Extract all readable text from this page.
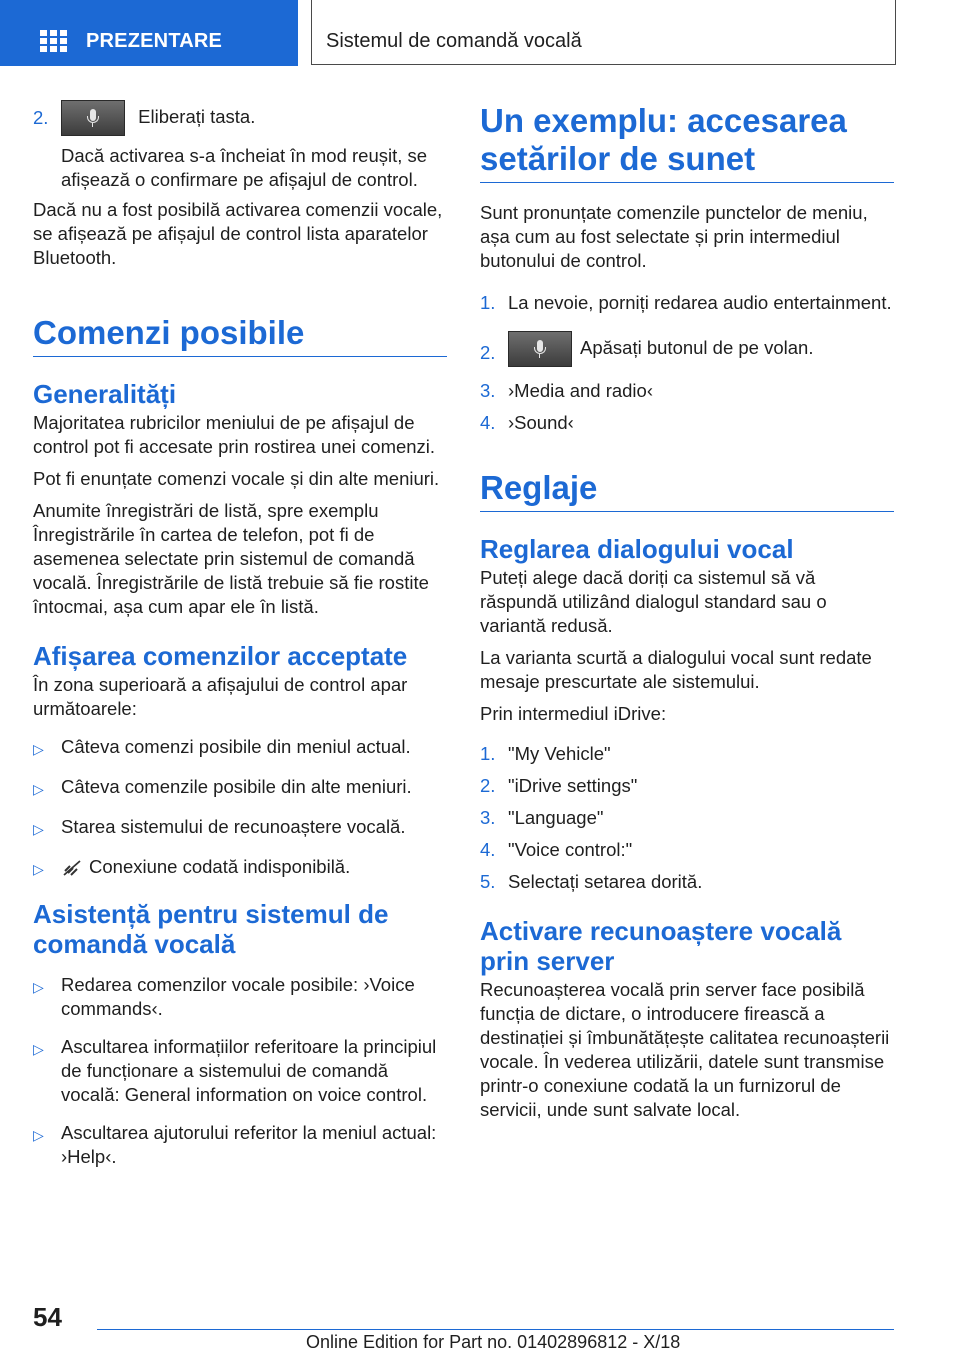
PREZENTARE	Sistemul de comandă vocală
2.	Eliberați tasta.
Dacă activarea s-a încheiat în mod reușit, se afișează o confirmare pe afișajul de control.

Dacă nu a fost posibilă activarea comenzii vocale, se afișează pe afișajul de control lista aparatelor Bluetooth.

Comenzi posibile
Generalități

Majoritatea rubricilor meniului de pe afișajul de control pot fi accesate prin rostirea unei comenzi.

Pot fi enunțate comenzi vocale și din alte meniuri.

Anumite înregistrări de listă, spre exemplu Înregistrările în cartea de telefon, pot fi de asemenea selectate prin sistemul de comandă vocală. Înregistrările de listă trebuie să fie rostite întocmai, așa cum apar ele în listă.

Afișarea comenzilor acceptate

În zona superioară a afișajului de control apar următoarele:

▷ Câteva comenzi posibile din meniul actual.
▷ Câteva comenzile posibile din alte meniuri.
▷ Starea sistemului de recunoaștere vocală.
▷	Conexiune codată indisponibilă.
Asistență pentru sistemul de comandă vocală
▷ Redarea comenzilor vocale posibile: ›Voice commands‹.
▷ Ascultarea informațiilor referitoare la principiul de funcționare a sistemului de comandă vocală: General information on voice control.
▷ Ascultarea ajutorului referitor la meniul actual: ›Help‹.
Un exemplu: accesarea setărilor de sunet

Sunt pronunțate comenzile punctelor de meniu, așa cum au fost selectate și prin intermediul butonului de control.

1. La nevoie, porniți redarea audio entertainment.
2.	Apăsați butonul de pe volan.
3. ›Media and radio‹
4. ›Sound‹
Reglaje
Reglarea dialogului vocal

Puteți alege dacă doriți ca sistemul să vă răspundă utilizând dialogul standard sau o variantă redusă.

La varianta scurtă a dialogului vocal sunt redate mesaje prescurtate ale sistemului.

Prin intermediul iDrive:

1. "My Vehicle"
2. "iDrive settings"
3. "Language"
4. "Voice control:"
5. Selectați setarea dorită.
Activare recunoaștere vocală prin server

Recunoașterea vocală prin server face posibilă funcția de dictare, o introducere firească a destinației și îmbunătățește calitatea recunoașterii vocale. În vederea utilizării, datele sunt transmise printr-o conexiune codată la un furnizorul de servicii, unde sunt salvate local.

54
Online Edition for Part no. 01402896812 - X/18
